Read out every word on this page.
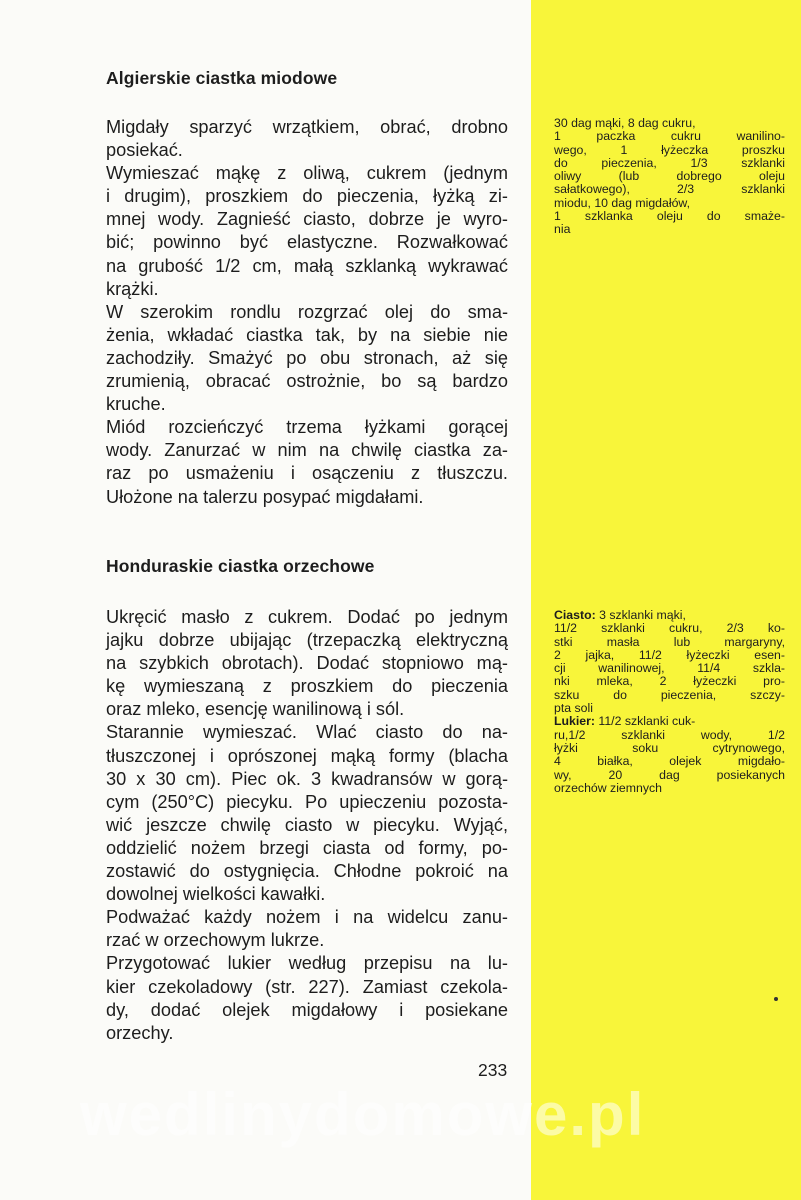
Algierskie ciastka miodowe
Migdały sparzyć wrzątkiem, obrać, drobno
posiekać.
Wymieszać mąkę z oliwą, cukrem (jednym
i drugim), proszkiem do pieczenia, łyżką zi-
mnej wody. Zagnieść ciasto, dobrze je wyro-
bić; powinno być elastyczne. Rozwałkować
na grubość 1/2 cm, małą szklanką wykrawać
krążki.
W szerokim rondlu rozgrzać olej do sma-
żenia, wkładać ciastka tak, by na siebie nie
zachodziły. Smażyć po obu stronach, aż się
zrumienią, obracać ostrożnie, bo są bardzo
kruche.
Miód rozcieńczyć trzema łyżkami gorącej
wody. Zanurzać w nim na chwilę ciastka za-
raz po usmażeniu i osączeniu z tłuszczu.
Ułożone na talerzu posypać migdałami.
30 dag mąki, 8 dag cukru,
1 paczka cukru wanilino-
wego, 1 łyżeczka proszku
do pieczenia, 1/3 szklanki
oliwy (lub dobrego oleju
sałatkowego), 2/3 szklanki
miodu, 10 dag migdałów,
1 szklanka oleju do smaże-
nia
Honduraskie ciastka orzechowe
Ukręcić masło z cukrem. Dodać po jednym
jajku dobrze ubijając (trzepaczką elektryczną
na szybkich obrotach). Dodać stopniowo mą-
kę wymieszaną z proszkiem do pieczenia
oraz mleko, esencję wanilinową i sól.
Starannie wymieszać. Wlać ciasto do na-
tłuszczonej i oprószonej mąką formy (blacha
30 x 30 cm). Piec ok. 3 kwadransów w gorą-
cym (250°C) piecyku. Po upieczeniu pozosta-
wić jeszcze chwilę ciasto w piecyku. Wyjąć,
oddzielić nożem brzegi ciasta od formy, po-
zostawić do ostygnięcia. Chłodne pokroić na
dowolnej wielkości kawałki.
Podważać każdy nożem i na widelcu zanu-
rzać w orzechowym lukrze.
Przygotować lukier według przepisu na lu-
kier czekoladowy (str. 227). Zamiast czekola-
dy, dodać olejek migdałowy i posiekane
orzechy.
Ciasto: 3 szklanki mąki,
11/2 szklanki cukru, 2/3 ko-
stki masła lub margaryny,
2 jajka, 11/2 łyżeczki esen-
cji wanilinowej, 11/4 szkla-
nki mleka, 2 łyżeczki pro-
szku do pieczenia, szczy-
pta soli
Lukier: 11/2 szklanki cuk-
ru,1/2 szklanki wody, 1/2
łyżki soku cytrynowego,
4 białka, olejek migdało-
wy, 20 dag posiekanych
orzechów ziemnych
233
wedlinydomowe.pl
